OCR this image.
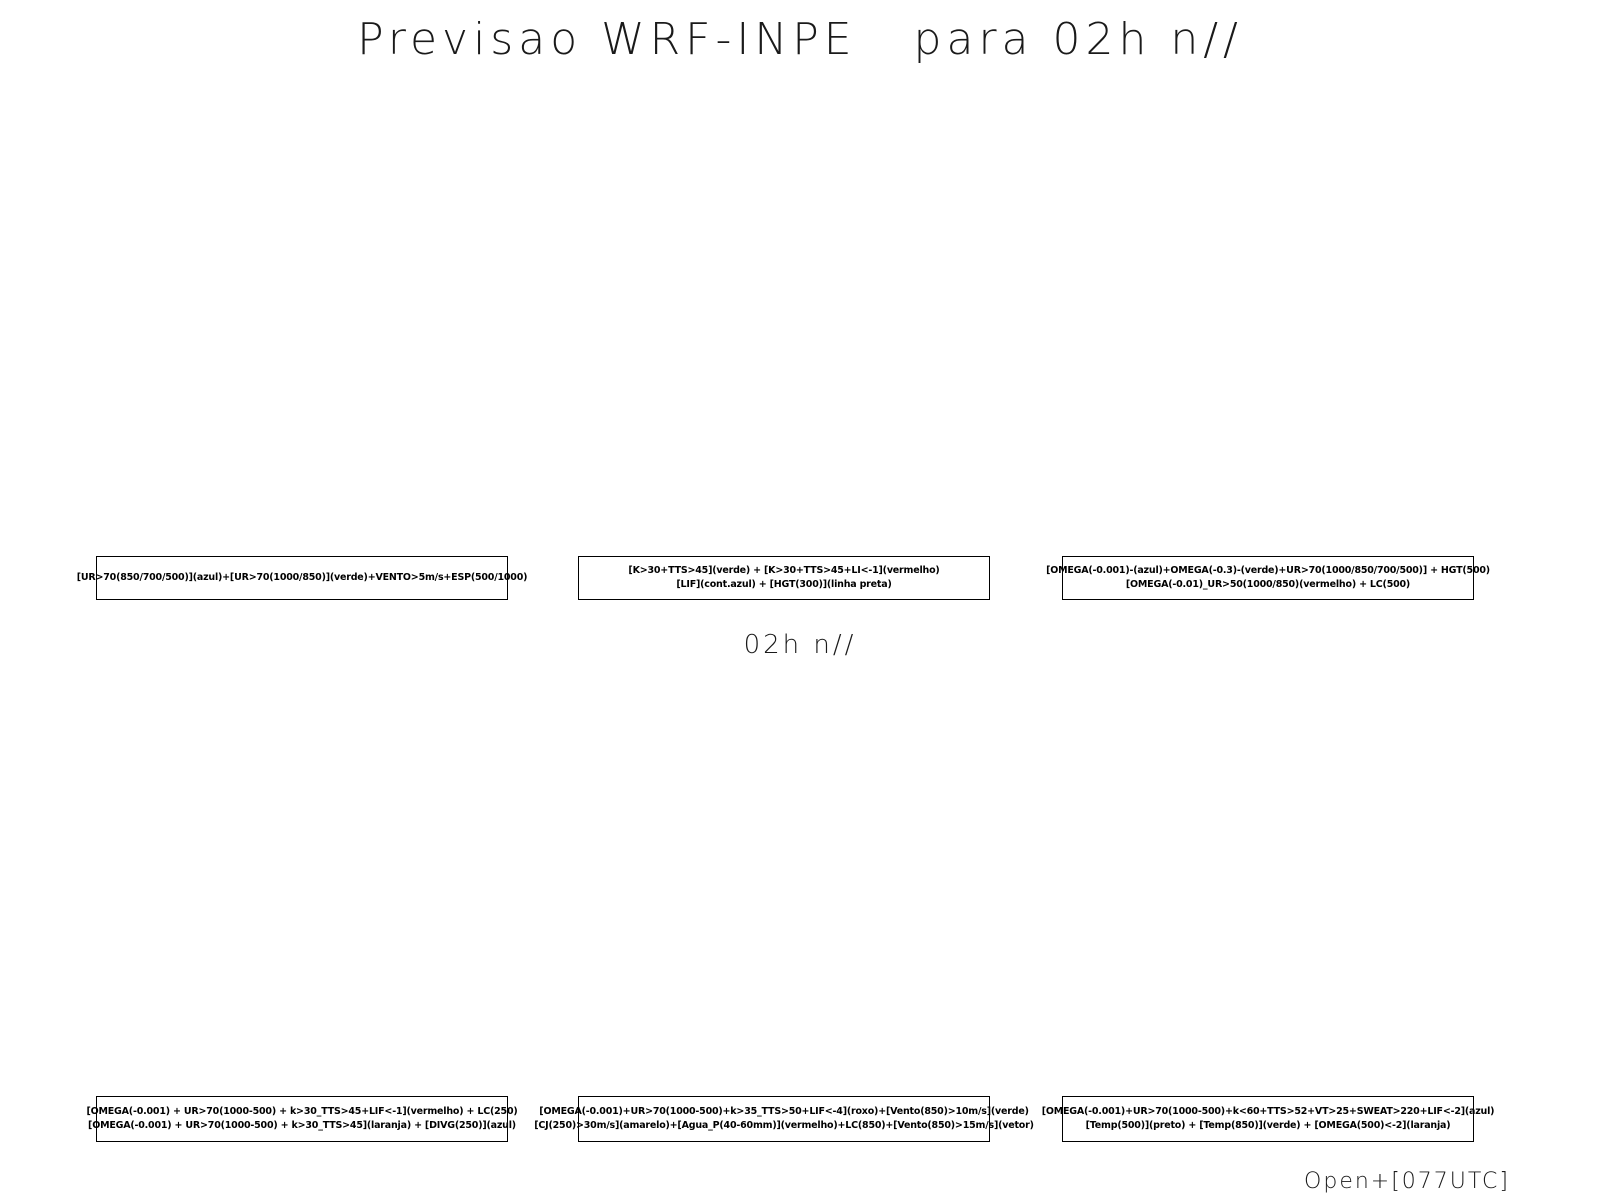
Previsao WRF-INPE   para 02h n//
[UR>70(850/700/500)](azul)+[UR>70(1000/850)](verde)+VENTO>5m/s+ESP(500/1000)
[K>30+TTS>45](verde) + [K>30+TTS>45+LI<-1](vermelho)
[LIF](cont.azul) + [HGT(300)](linha preta)
[OMEGA(-0.001)-(azul)+OMEGA(-0.3)-(verde)+UR>70(1000/850/700/500)] + HGT(500)
[OMEGA(-0.01)_UR>50(1000/850)(vermelho) + LC(500)
02h n//
[OMEGA(-0.001) + UR>70(1000-500) + k>30_TTS>45+LIF<-1](vermelho) + LC(250)
[OMEGA(-0.001) + UR>70(1000-500) + k>30_TTS>45](laranja) + [DIVG(250)](azul)
[OMEGA(-0.001)+UR>70(1000-500)+k>35_TTS>50+LIF<-4](roxo)+[Vento(850)>10m/s](verde)
[CJ(250)>30m/s](amarelo)+[Agua_P(40-60mm)](vermelho)+LC(850)+[Vento(850)>15m/s](vetor)
[OMEGA(-0.001)+UR>70(1000-500)+k<60+TTS>52+VT>25+SWEAT>220+LIF<-2](azul)
[Temp(500)](preto) + [Temp(850)](verde) + [OMEGA(500)<-2](laranja)
Open+[077UTC]
